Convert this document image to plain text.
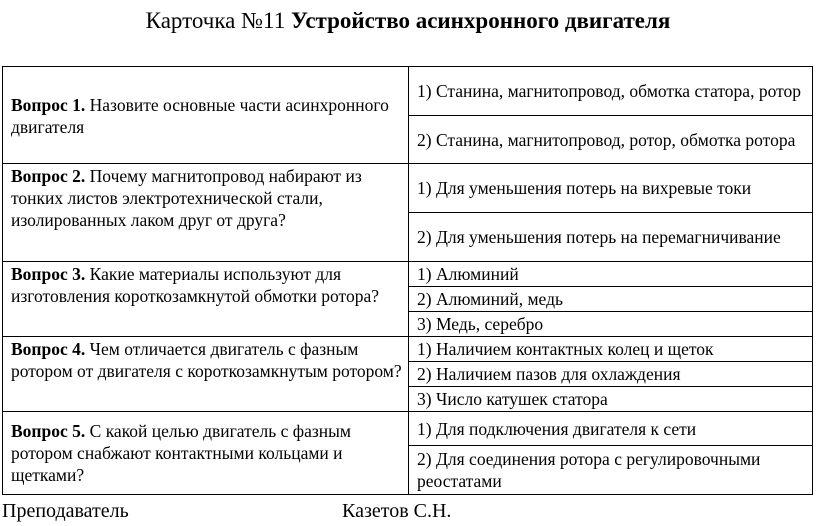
Карточка №11 Устройство асинхронного двигателя
Вопрос 1. Назовите основные части асинхронного двигателя	1) Станина, магнитопровод, обмотка статора, ротор
	2) Станина, магнитопровод, ротор, обмотка ротора
Вопрос 2. Почему магнитопровод набирают из тонких листов электротехнической стали, изолированных лаком друг от друга?	1) Для уменьшения потерь на вихревые токи
	2) Для уменьшения потерь на перемагничивание
Вопрос 3. Какие материалы используют для изготовления короткозамкнутой обмотки ротора?	1) Алюминий
	2) Алюминий, медь
	3) Медь, серебро
Вопрос 4. Чем отличается двигатель с фазным ротором от двигателя с короткозамкнутым ротором?	1) Наличием контактных колец и щеток
	2) Наличием пазов для охлаждения
	3) Число катушек статора
Вопрос 5. С какой целью двигатель с фазным ротором снабжают контактными кольцами и щетками?	1) Для подключения двигателя к сети
	2) Для соединения ротора с регулировочными реостатами
Преподаватель	Казетов С.Н.
